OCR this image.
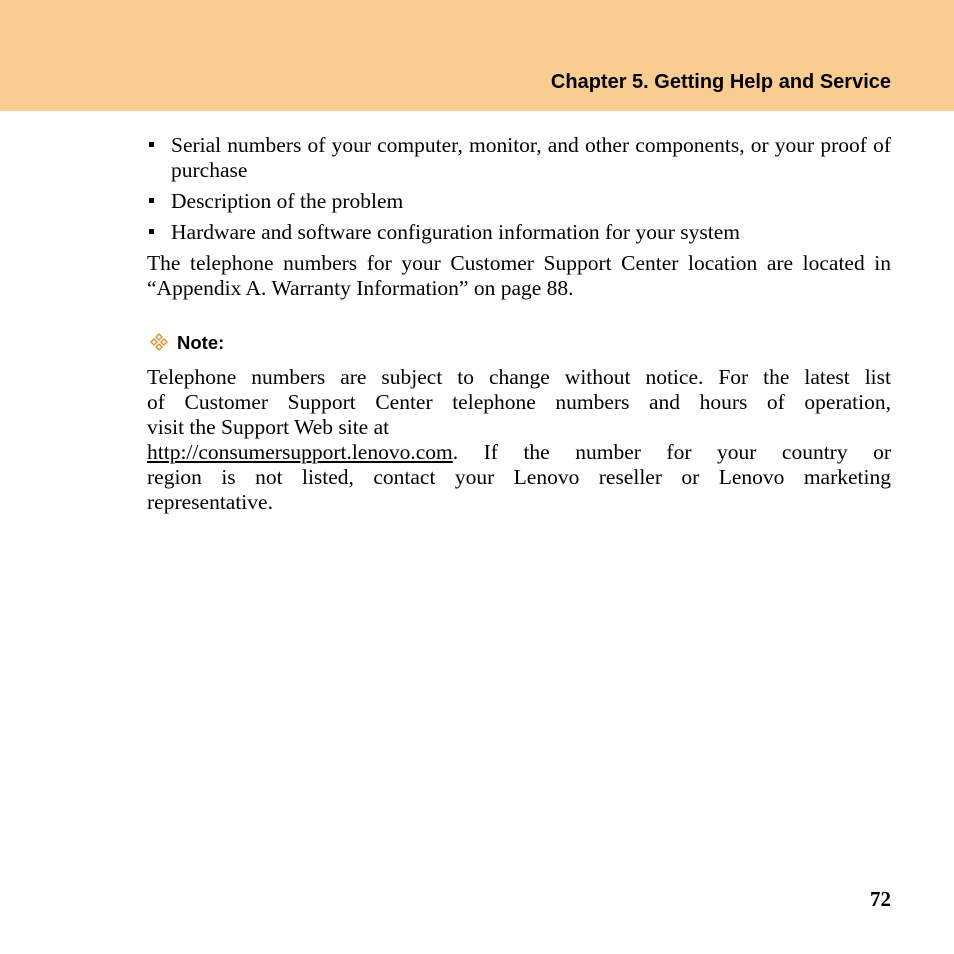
Chapter 5. Getting Help and Service
Serial numbers of your computer, monitor, and other components, or your proof of purchase
Description of the problem
Hardware and software configuration information for your system

The telephone numbers for your Customer Support Center location are located in “Appendix A. Warranty Information” on page 88.

Note:
Telephone numbers are subject to change without notice. For the latest list
of Customer Support Center telephone numbers and hours of operation,
visit the Support Web site at
http://consumersupport.lenovo.com. If the number for your country or
region is not listed, contact your Lenovo reseller or Lenovo marketing
representative.
72
